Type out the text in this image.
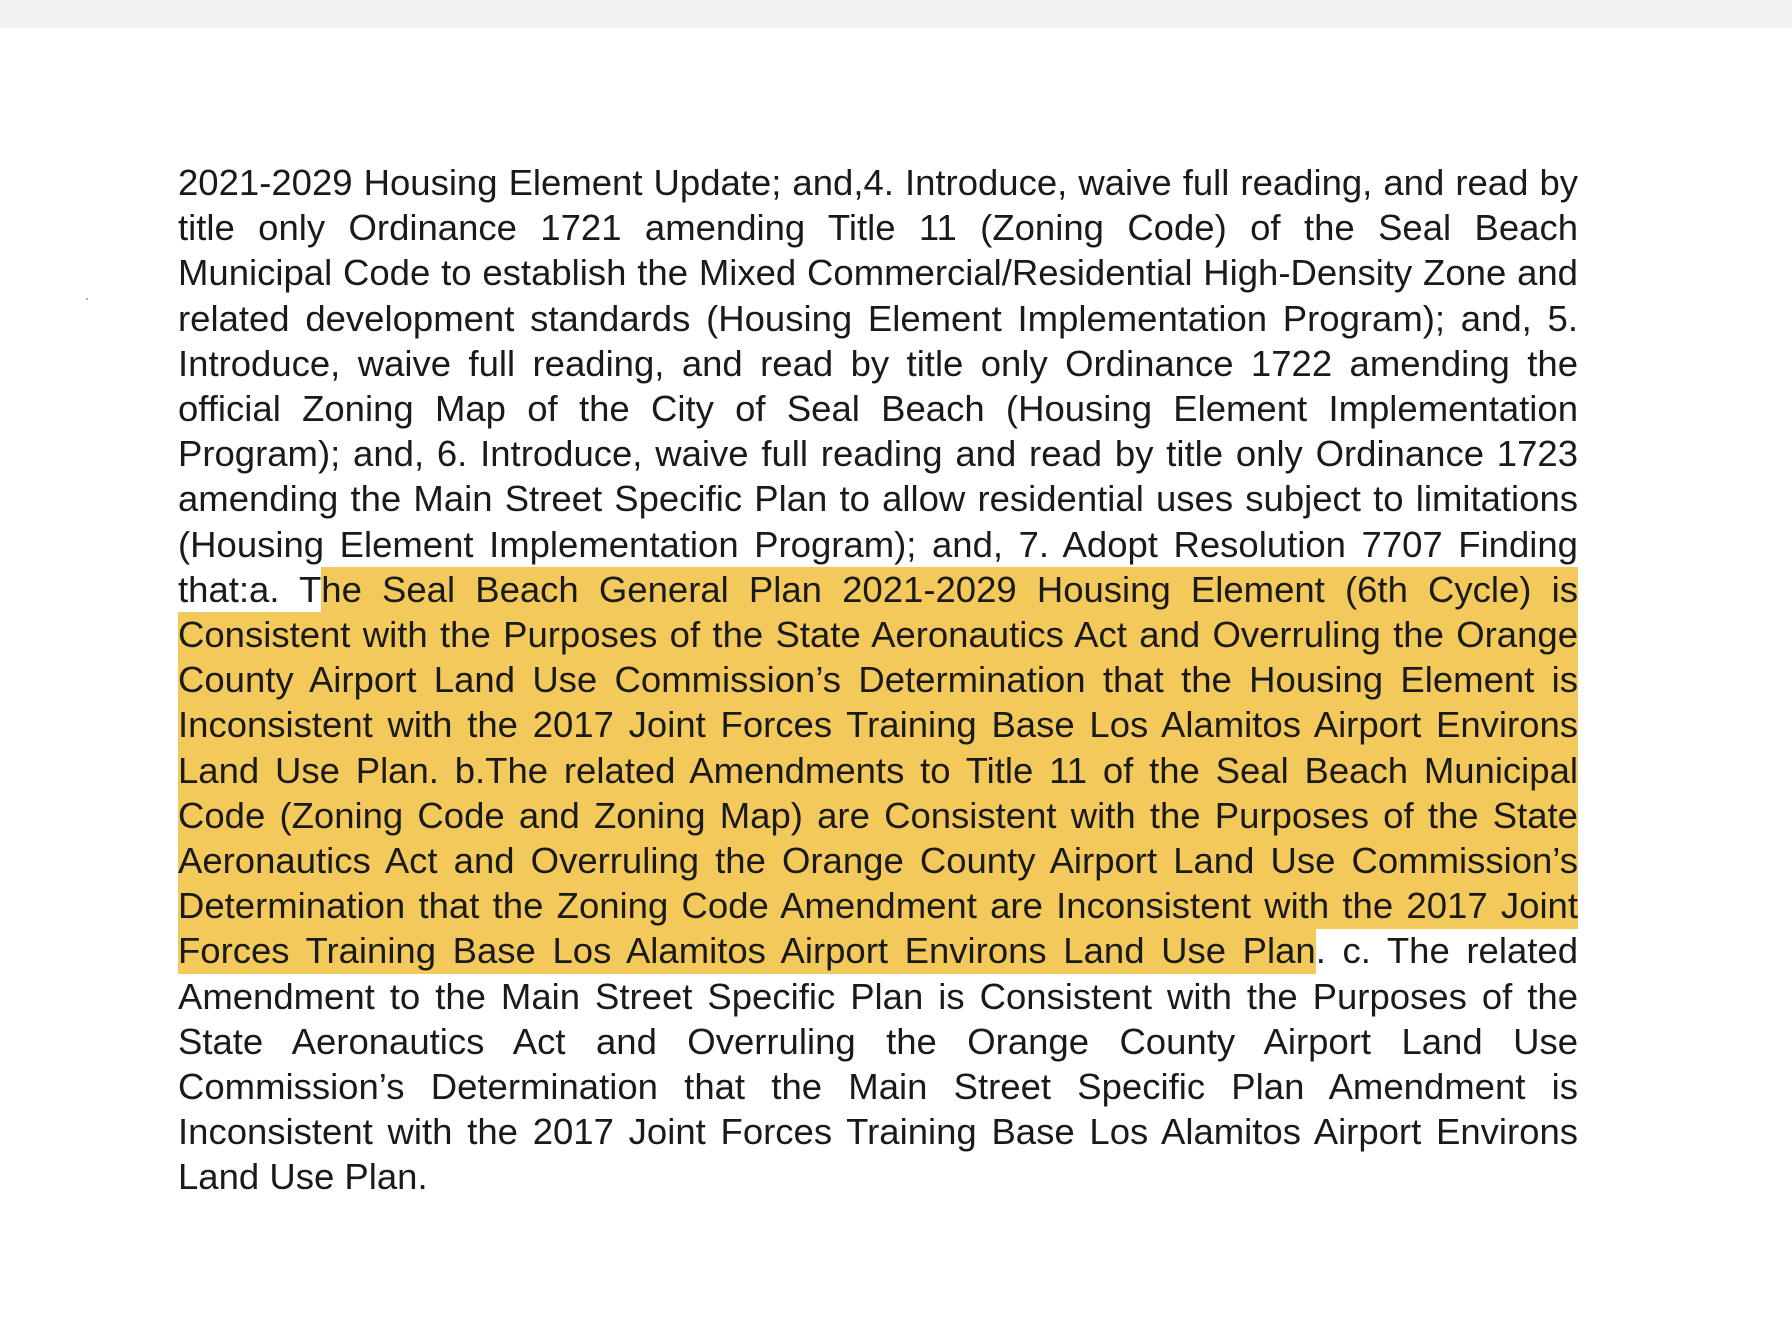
2021-2029 Housing Element Update; and,4. Introduce, waive full reading, and read by title only Ordinance 1721 amending Title 11 (Zoning Code) of the Seal Beach Municipal Code to establish the Mixed Commercial/Residential High-Density Zone and related development standards (Housing Element Implementation Program); and, 5. Introduce, waive full reading, and read by title only Ordinance 1722 amending the official Zoning Map of the City of Seal Beach (Housing Element Implementation Program); and, 6. Introduce, waive full reading and read by title only Ordinance 1723 amending the Main Street Specific Plan to allow residential uses subject to limitations (Housing Element Implementation Program); and, 7. Adopt Resolution 7707 Finding that:a. The Seal Beach General Plan 2021-2029 Housing Element (6th Cycle) is Consistent with the Purposes of the State Aeronautics Act and Overruling the Orange County Airport Land Use Commission’s Determination that the Housing Element is Inconsistent with the 2017 Joint Forces Training Base Los Alamitos Airport Environs Land Use Plan. b.The related Amendments to Title 11 of the Seal Beach Municipal Code (Zoning Code and Zoning Map) are Consistent with the Purposes of the State Aeronautics Act and Overruling the Orange County Airport Land Use Commission’s Determination that the Zoning Code Amendment are Inconsistent with the 2017 Joint Forces Training Base Los Alamitos Airport Environs Land Use Plan. c. The related Amendment to the Main Street Specific Plan is Consistent with the Purposes of the State Aeronautics Act and Overruling the Orange County Airport Land Use Commission’s Determination that the Main Street Specific Plan Amendment is Inconsistent with the 2017 Joint Forces Training Base Los Alamitos Airport Environs Land Use Plan.
